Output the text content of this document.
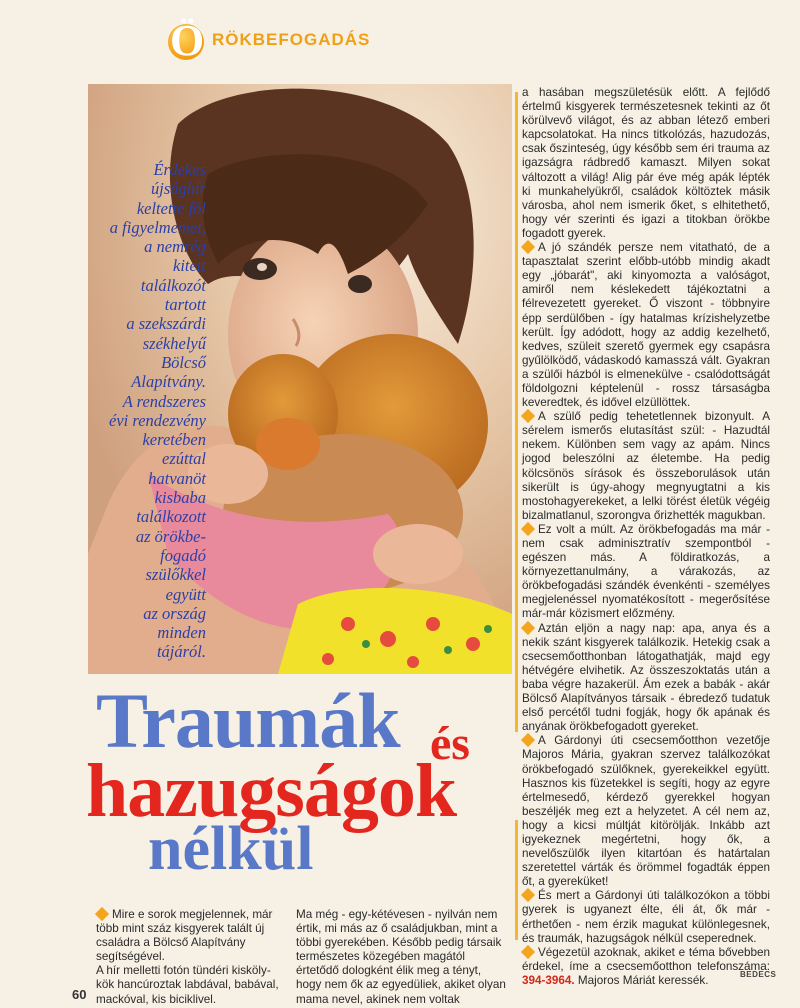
Ö RÖKBEFOGADÁS
Érdekes
újsághír
keltette föl
a figyelmemet,
a nemrég
kitett
találkozót
tartott
a szekszárdi
székhelyű
Bölcső
Alapítvány.
A rendszeres
évi rendezvény
keretében
ezúttal
hatvanöt
kisbaba
találkozott
az örökbe-
fogadó
szülőkkel
együtt
az ország
minden
tájáról.
Traumák és
hazugságok
nélkül

a hasában megszületésük előtt. A fejlődő értelmű kisgyerek természetesnek tekinti az őt körülvevő világot, és az abban létező emberi kapcsolatokat. Ha nincs titkolózás, hazudozás, csak őszinteség, úgy később sem éri trauma az igazságra rádbredő kamaszt. Milyen sokat változott a világ! Alig pár éve még apák lépték ki munkahelyükről, családok költöztek másik városba, ahol nem ismerik őket, s elhitethető, hogy vér szerinti és igazi a titokban örökbe fogadott gyerek.

A jó szándék persze nem vitatható, de a tapasztalat szerint előbb-utóbb mindig akadt egy „jóbarát", aki kinyomozta a valóságot, amiről nem késlekedett tájékoztatni a félrevezetett gyereket. Ő viszont - többnyire épp serdülőben - így hatalmas krízishelyzetbe került. Így adódott, hogy az addig kezelhető, kedves, szüleit szerető gyermek egy csapásra gyűlölködő, vádaskodó kamasszá vált. Gyakran a szülői házból is elmenekülve - csalódottságát földolgozni képtelenül - rossz társaságba keveredtek, és idővel elzüllöttek.

A szülő pedig tehetetlennek bizonyult. A sérelem ismerős elutasítást szül: - Hazudtál nekem. Különben sem vagy az apám. Nincs jogod beleszólni az életembe. Ha pedig kölcsönös sírások és összeborulások után sikerült is úgy-ahogy megnyugtatni a kis mostohagyerekeket, a lelki törést életük végéig bizalmatlanul, szorongva őrizhették magukban.

Ez volt a múlt. Az örökbefogadás ma már - nem csak adminisztratív szempontból - egészen más. A földiratkozás, a környezettanulmány, a várakozás, az örökbefogadási szándék évenkénti - személyes megjelenéssel nyomatékosított - megerősítése már-már közismert előzmény.

Aztán eljön a nagy nap: apa, anya és a nekik szánt kisgyerek találkozik. Hetekig csak a csecsemőotthonban látogathatják, majd egy hétvégére elvihetik. Az összeszoktatás után a baba végre hazakerül. Ám ezek a babák - akár Bölcső Alapítványos társaik - ébredező tudatuk első percétől tudni fogják, hogy ők apának és anyának örökbefogadott gyereket.

A Gárdonyi úti csecsemőotthon vezetője Majoros Mária, gyakran szervez találkozókat örökbefogadó szülőknek, gyerekeikkel együtt. Hasznos kis füzetekkel is segíti, hogy az egyre értelmesedő, kérdező gyerekkel hogyan beszéljék meg ezt a helyzetet. A cél nem az, hogy a kicsi múltját kitörölják. Inkább azt igyekeznek megértetni, hogy ők, a nevelőszülők ilyen kitartóan és határtalan szeretettel várták és örömmel fogadták éppen őt, a gyereküket!

És mert a Gárdonyi úti találkozókon a többi gyerek is ugyanezt élte, éli át, ők már - érthetően - nem érzik magukat különlegesnek, és traumák, hazugságok nélkül cseperednek.

Végezetül azoknak, akiket e téma bővebben érdekel, íme a csecsemőotthon telefonszáma: 394-3964. Majoros Máriát keressék.

Mire e sorok megjelennek, már több mint száz kisgyerek talált új családra a Bölcső Alapítvány segítségével.

A hír melletti fotón tündéri kiskölykök hancúroztak labdával, babával, mackóval, kis biciklivel.

Ma még - egy-kétévesen - nyilván nem értik, mi más az ő családjukban, mint a többi gyerekében. Később pedig társaik természetes közegében magától értetődő dologként élik meg a tényt, hogy nem ők az egyedüliek, akiket olyan mama nevel, akinek nem voltak

60
BEDECS
